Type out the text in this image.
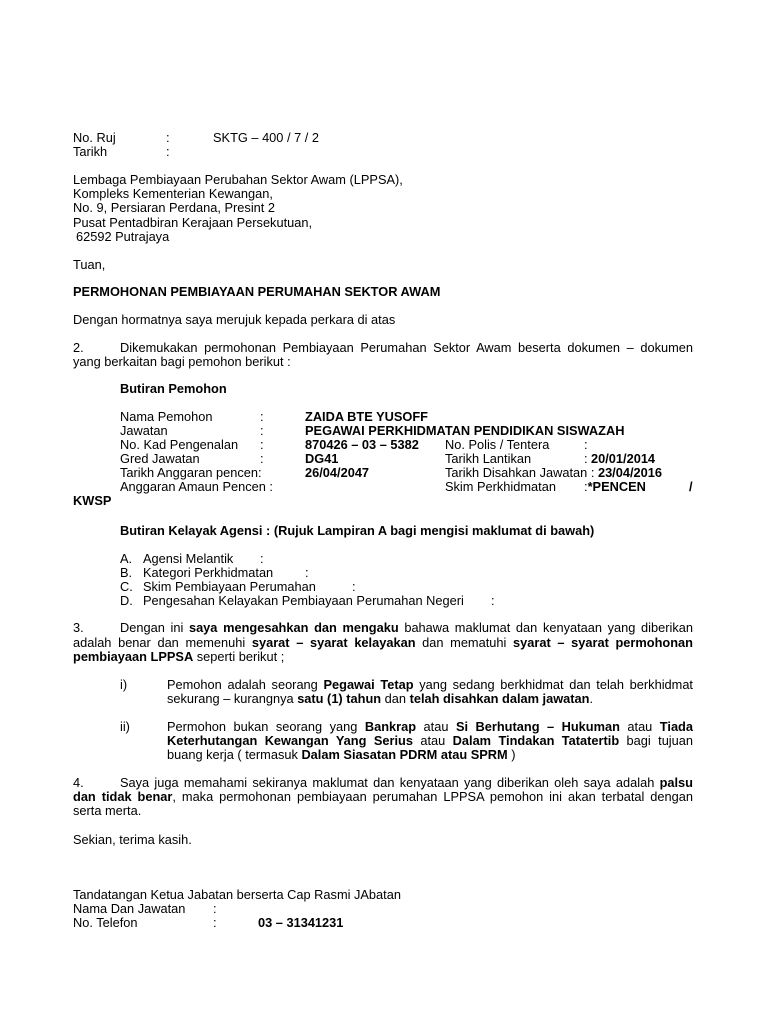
No. Ruj	:	SKTG – 400 / 7 / 2
Tarikh	:
Lembaga Pembiayaan Perubahan Sektor Awam (LPPSA),
Kompleks Kementerian Kewangan,
No. 9, Persiaran Perdana, Presint 2
Pusat Pentadbiran Kerajaan Persekutuan,
62592 Putrajaya
Tuan,
PERMOHONAN PEMBIAYAAN PERUMAHAN SEKTOR AWAM
Dengan hormatnya saya merujuk kepada perkara di atas
2.	Dikemukakan permohonan Pembiayaan Perumahan Sektor Awam beserta dokumen – dokumen
yang berkaitan bagi pemohon berikut :
Butiran Pemohon
Nama Pemohon	:	ZAIDA BTE YUSOFF
Jawatan	:	PEGAWAI PERKHIDMATAN PENDIDIKAN SISWAZAH
No. Kad Pengenalan :	870426 – 03 – 5382 No. Polis / Tentera	:
Gred Jawatan	:	DG41	Tarikh Lantikan	: 20/01/2014
Tarikh Anggaran pencen:	26/04/2047	Tarikh Disahkan Jawatan : 23/04/2016
Anggaran Amaun Pencen :	Skim Perkhidmatan :*PENCEN	/
KWSP
Butiran Kelayak Agensi : (Rujuk Lampiran A bagi mengisi maklumat di bawah)
A. Agensi Melantik :
B. Kategori Perkhidmatan :
C. Skim Pembiayaan Perumahan	:
D. Pengesahan Kelayakan Pembiayaan Perumahan Negeri :
3.	Dengan ini saya mengesahkan dan mengaku bahawa maklumat dan kenyataan yang diberikan
adalah benar dan memenuhi syarat – syarat kelayakan dan mematuhi syarat – syarat permohonan
pembiayaan LPPSA seperti berikut ;
i)	Pemohon adalah seorang Pegawai Tetap yang sedang berkhidmat dan telah berkhidmat
sekurang – kurangnya satu (1) tahun dan telah disahkan dalam jawatan.
ii)	Permohon bukan seorang yang Bankrap atau Si Berhutang – Hukuman atau Tiada
Keterhutangan Kewangan Yang Serius atau Dalam Tindakan Tatatertib bagi tujuan
buang kerja ( termasuk Dalam Siasatan PDRM atau SPRM )
4.	Saya juga memahami sekiranya maklumat dan kenyataan yang diberikan oleh saya adalah palsu
dan tidak benar, maka permohonan pembiayaan perumahan LPPSA pemohon ini akan terbatal dengan
serta merta.
Sekian, terima kasih.
Tandatangan Ketua Jabatan berserta Cap Rasmi JAbatan
Nama Dan Jawatan :
No. Telefon	:	03 – 31341231
